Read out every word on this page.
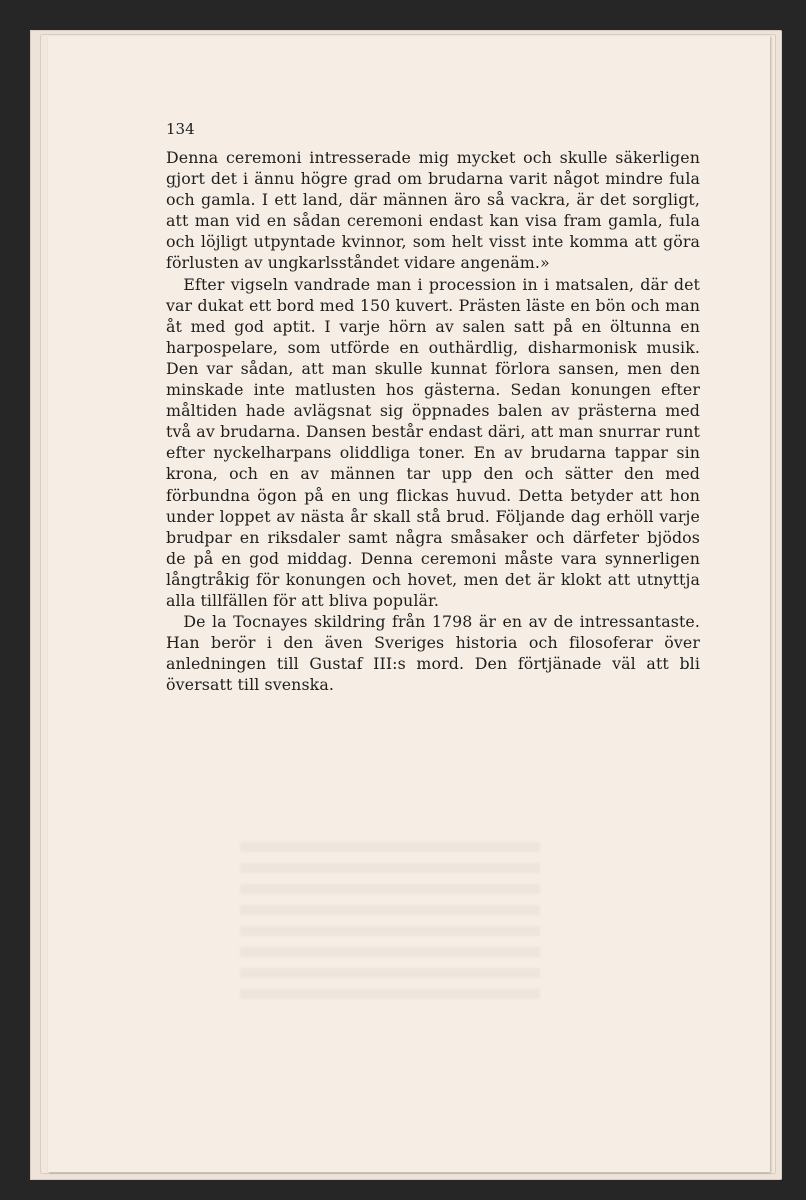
134

Denna ceremoni intresserade mig mycket och skulle säkerligen gjort det i ännu högre grad om brudarna varit något mindre fula och gamla. I ett land, där männen äro så vackra, är det sorgligt, att man vid en sådan ceremoni endast kan visa fram gamla, fula och löjligt utpyntade kvinnor, som helt visst inte komma att göra förlusten av ungkarlsståndet vidare angenäm.»

Efter vigseln vandrade man i procession in i matsalen, där det var dukat ett bord med 150 kuvert. Prästen läste en bön och man åt med god aptit. I varje hörn av salen satt på en öltunna en harpospelare, som utförde en outhärdlig, disharmonisk musik. Den var sådan, att man skulle kunnat förlora sansen, men den minskade inte matlusten hos gästerna. Sedan konungen efter måltiden hade avlägsnat sig öppnades balen av prästerna med två av brudarna. Dansen består endast däri, att man snurrar runt efter nyckelharpans oliddliga toner. En av brudarna tappar sin krona, och en av männen tar upp den och sätter den med förbundna ögon på en ung flickas huvud. Detta betyder att hon under loppet av nästa år skall stå brud. Följande dag erhöll varje brudpar en riksdaler samt några småsaker och därfeter bjödos de på en god middag. Denna ceremoni måste vara synnerligen långtråkig för konungen och hovet, men det är klokt att utnyttja alla tillfällen för att bliva populär.

De la Tocnayes skildring från 1798 är en av de intressantaste. Han berör i den även Sveriges historia och filosoferar över anledningen till Gustaf III:s mord. Den förtjänade väl att bli översatt till svenska.
